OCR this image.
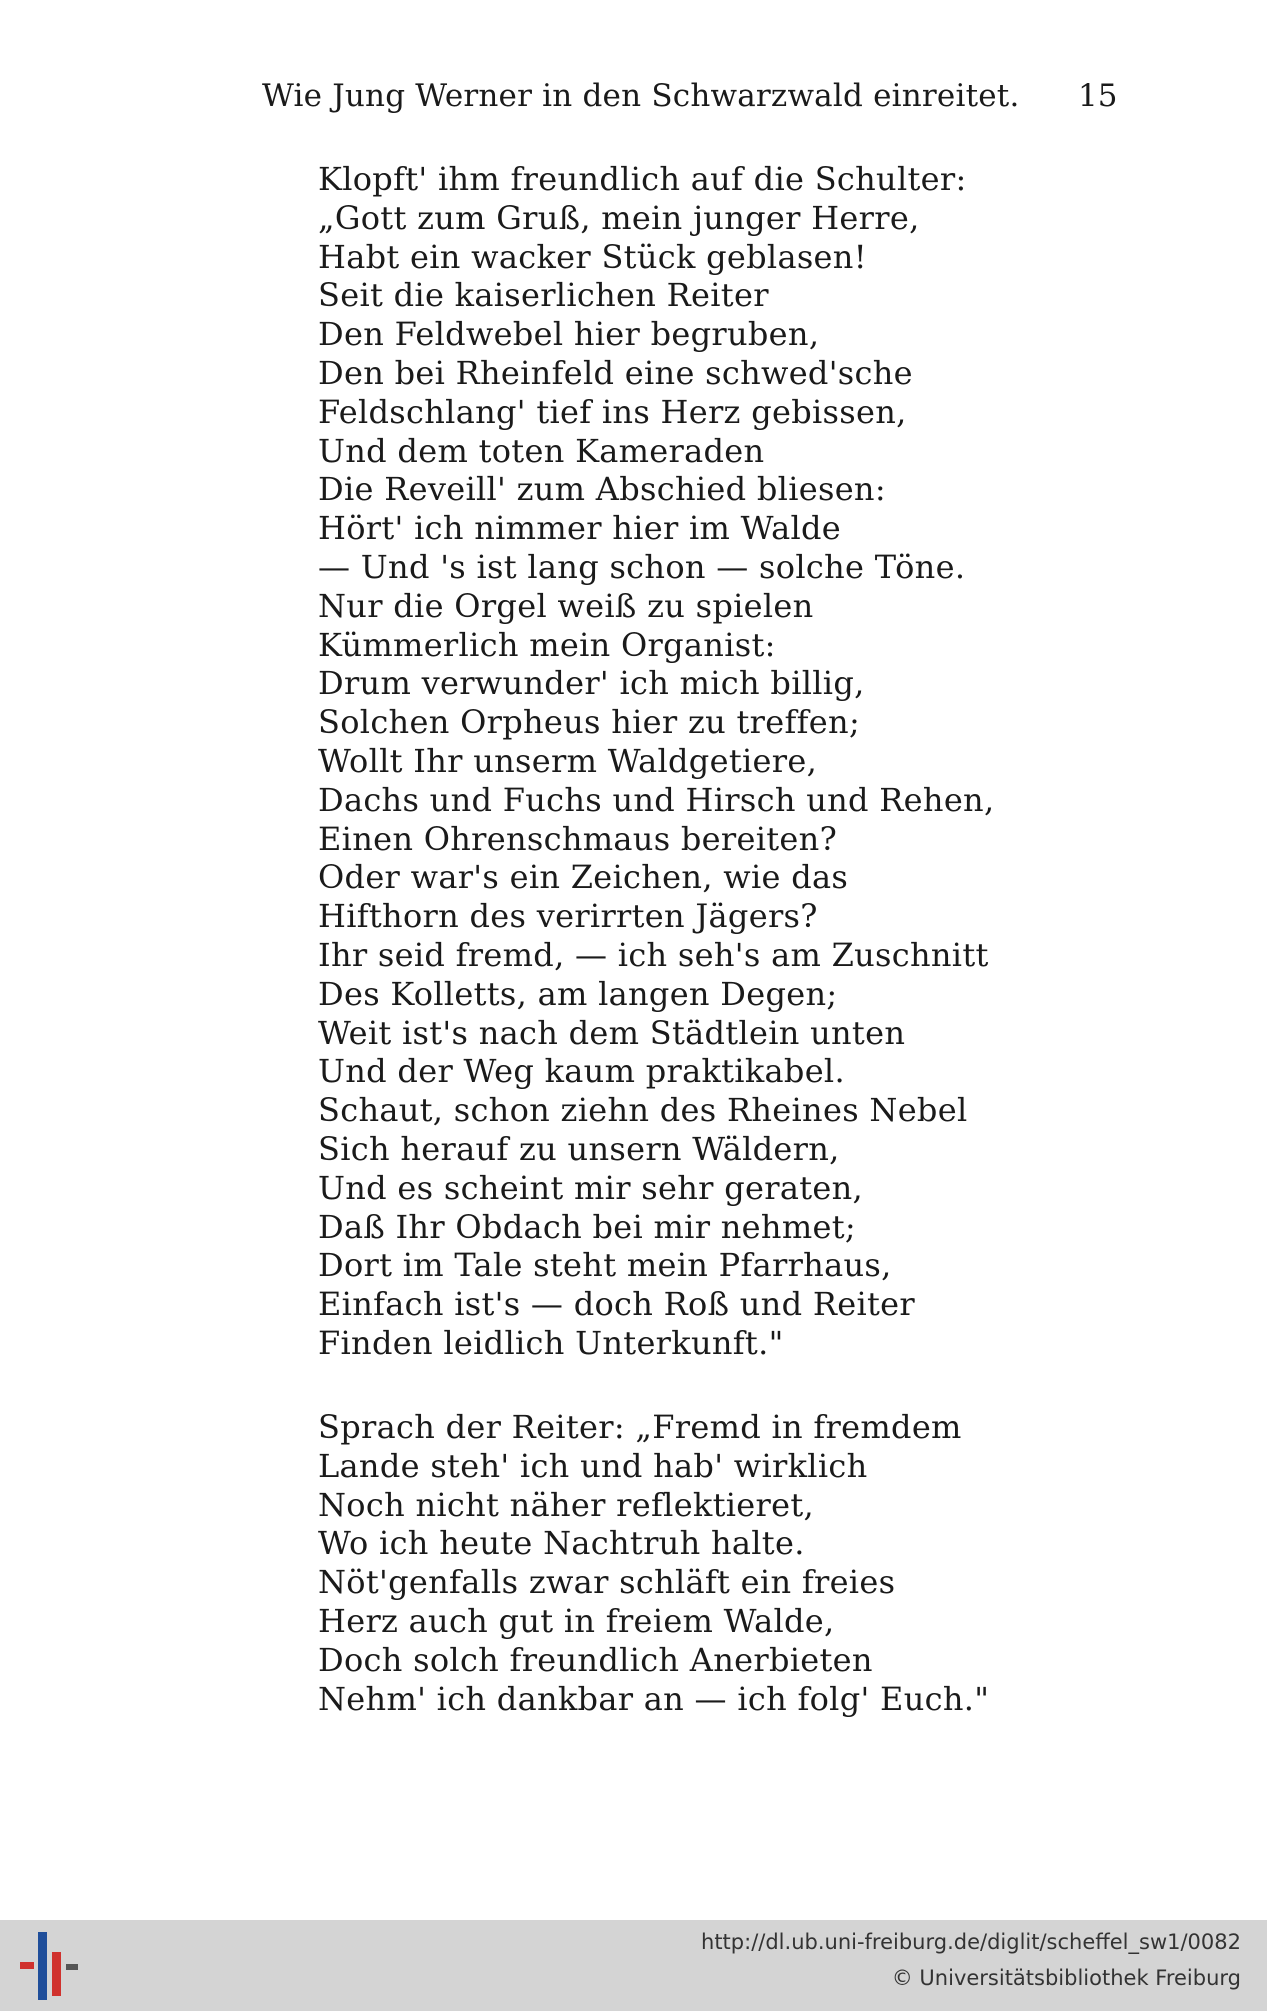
Wie Jung Werner in den Schwarzwald einreitet. 15
Klopft' ihm freundlich auf die Schulter:
„Gott zum Gruß, mein junger Herre,
Habt ein wacker Stück geblasen!
Seit die kaiserlichen Reiter
Den Feldwebel hier begruben,
Den bei Rheinfeld eine schwed'sche
Feldschlang' tief ins Herz gebissen,
Und dem toten Kameraden
Die Reveill' zum Abschied bliesen:
Hört' ich nimmer hier im Walde
— Und 's ist lang schon — solche Töne.
Nur die Orgel weiß zu spielen
Kümmerlich mein Organist:
Drum verwunder' ich mich billig,
Solchen Orpheus hier zu treffen;
Wollt Ihr unserm Waldgetiere,
Dachs und Fuchs und Hirsch und Rehen,
Einen Ohrenschmaus bereiten?
Oder war's ein Zeichen, wie das
Hifthorn des verirrten Jägers?
Ihr seid fremd, — ich seh's am Zuschnitt
Des Kolletts, am langen Degen;
Weit ist's nach dem Städtlein unten
Und der Weg kaum praktikabel.
Schaut, schon ziehn des Rheines Nebel
Sich herauf zu unsern Wäldern,
Und es scheint mir sehr geraten,
Daß Ihr Obdach bei mir nehmet;
Dort im Tale steht mein Pfarrhaus,
Einfach ist's — doch Roß und Reiter
Finden leidlich Unterkunft."
Sprach der Reiter: „Fremd in fremdem
Lande steh' ich und hab' wirklich
Noch nicht näher reflektieret,
Wo ich heute Nachtruh halte.
Nöt'genfalls zwar schläft ein freies
Herz auch gut in freiem Walde,
Doch solch freundlich Anerbieten
Nehm' ich dankbar an — ich folg' Euch."
http://dl.ub.uni-freiburg.de/diglit/scheffel_sw1/0082
© Universitätsbibliothek Freiburg
